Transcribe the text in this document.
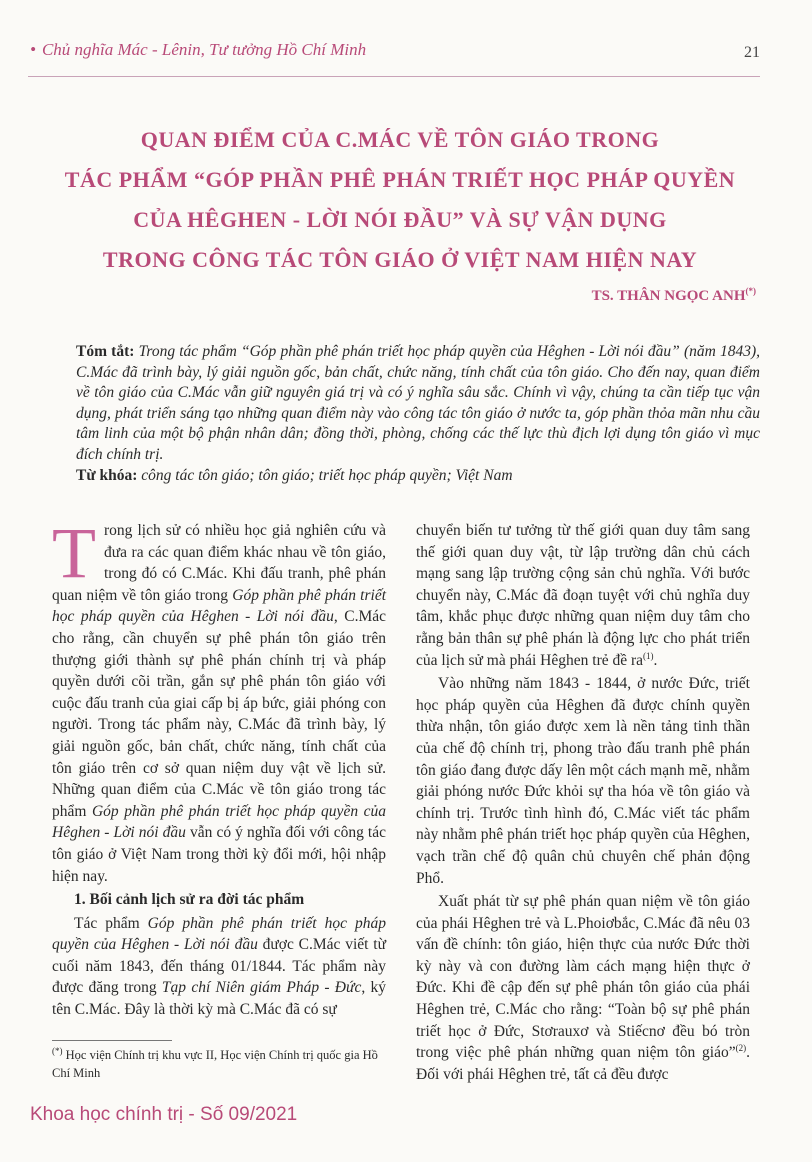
• Chủ nghĩa Mác - Lênin, Tư tưởng Hồ Chí Minh	21
QUAN ĐIỂM CỦA C.MÁC VỀ TÔN GIÁO TRONG
TÁC PHẨM “GÓP PHẦN PHÊ PHÁN TRIẾT HỌC PHÁP QUYỀN
CỦA HÊGHEN - LỜI NÓI ĐẦU” VÀ SỰ VẬN DỤNG
TRONG CÔNG TÁC TÔN GIÁO Ở VIỆT NAM HIỆN NAY
TS. THÂN NGỌC ANH(*)
Tóm tắt: Trong tác phẩm “Góp phần phê phán triết học pháp quyền của Hêghen - Lời nói đầu” (năm 1843), C.Mác đã trình bày, lý giải nguồn gốc, bản chất, chức năng, tính chất của tôn giáo. Cho đến nay, quan điểm về tôn giáo của C.Mác vẫn giữ nguyên giá trị và có ý nghĩa sâu sắc. Chính vì vậy, chúng ta cần tiếp tục vận dụng, phát triển sáng tạo những quan điểm này vào công tác tôn giáo ở nước ta, góp phần thỏa mãn nhu cầu tâm linh của một bộ phận nhân dân; đồng thời, phòng, chống các thế lực thù địch lợi dụng tôn giáo vì mục đích chính trị.
Từ khóa: công tác tôn giáo; tôn giáo; triết học pháp quyền; Việt Nam

Trong lịch sử có nhiều học giả nghiên cứu và đưa ra các quan điểm khác nhau về tôn giáo, trong đó có C.Mác. Khi đấu tranh, phê phán quan niệm về tôn giáo trong Góp phần phê phán triết học pháp quyền của Hêghen - Lời nói đầu, C.Mác cho rằng, cần chuyển sự phê phán tôn giáo trên thượng giới thành sự phê phán chính trị và pháp quyền dưới cõi trần, gắn sự phê phán tôn giáo với cuộc đấu tranh của giai cấp bị áp bức, giải phóng con người. Trong tác phẩm này, C.Mác đã trình bày, lý giải nguồn gốc, bản chất, chức năng, tính chất của tôn giáo trên cơ sở quan niệm duy vật về lịch sử. Những quan điểm của C.Mác về tôn giáo trong tác phẩm Góp phần phê phán triết học pháp quyền của Hêghen - Lời nói đầu vẫn có ý nghĩa đối với công tác tôn giáo ở Việt Nam trong thời kỳ đổi mới, hội nhập hiện nay.

1. Bối cảnh lịch sử ra đời tác phẩm

Tác phẩm Góp phần phê phán triết học pháp quyền của Hêghen - Lời nói đầu được C.Mác viết từ cuối năm 1843, đến tháng 01/1844. Tác phẩm này được đăng trong Tạp chí Niên giám Pháp - Đức, ký tên C.Mác. Đây là thời kỳ mà C.Mác đã có sự

(*) Học viện Chính trị khu vực II, Học viện Chính trị quốc gia Hồ Chí Minh

chuyển biến tư tưởng từ thế giới quan duy tâm sang thế giới quan duy vật, từ lập trường dân chủ cách mạng sang lập trường cộng sản chủ nghĩa. Với bước chuyển này, C.Mác đã đoạn tuyệt với chủ nghĩa duy tâm, khắc phục được những quan niệm duy tâm cho rằng bản thân sự phê phán là động lực cho phát triển của lịch sử mà phái Hêghen trẻ đề $ra^{(1)}$.

Vào những năm 1843 - 1844, ở nước Đức, triết học pháp quyền của Hêghen đã được chính quyền thừa nhận, tôn giáo được xem là nền tảng tinh thần của chế độ chính trị, phong trào đấu tranh phê phán tôn giáo đang được dấy lên một cách mạnh mẽ, nhằm giải phóng nước Đức khỏi sự tha hóa về tôn giáo và chính trị. Trước tình hình đó, C.Mác viết tác phẩm này nhằm phê phán triết học pháp quyền của Hêghen, vạch trần chế độ quân chủ chuyên chế phản động Phổ.

Xuất phát từ sự phê phán quan niệm về tôn giáo của phái Hêghen trẻ và L.Phoiơbắc, C.Mác đã nêu 03 vấn đề chính: tôn giáo, hiện thực của nước Đức thời kỳ này và con đường làm cách mạng hiện thực ở Đức. Khi đề cập đến sự phê phán tôn giáo của phái Hêghen trẻ, C.Mác cho rằng: “Toàn bộ sự phê phán triết học ở Đức, Stơrauxơ và Stiếcnơ đều bó tròn trong việc phê phán những quan niệm tôn giáo”$^{(2)}$. Đối với phái Hêghen trẻ, tất cả đều được

Khoa học chính trị - Số 09/2021
